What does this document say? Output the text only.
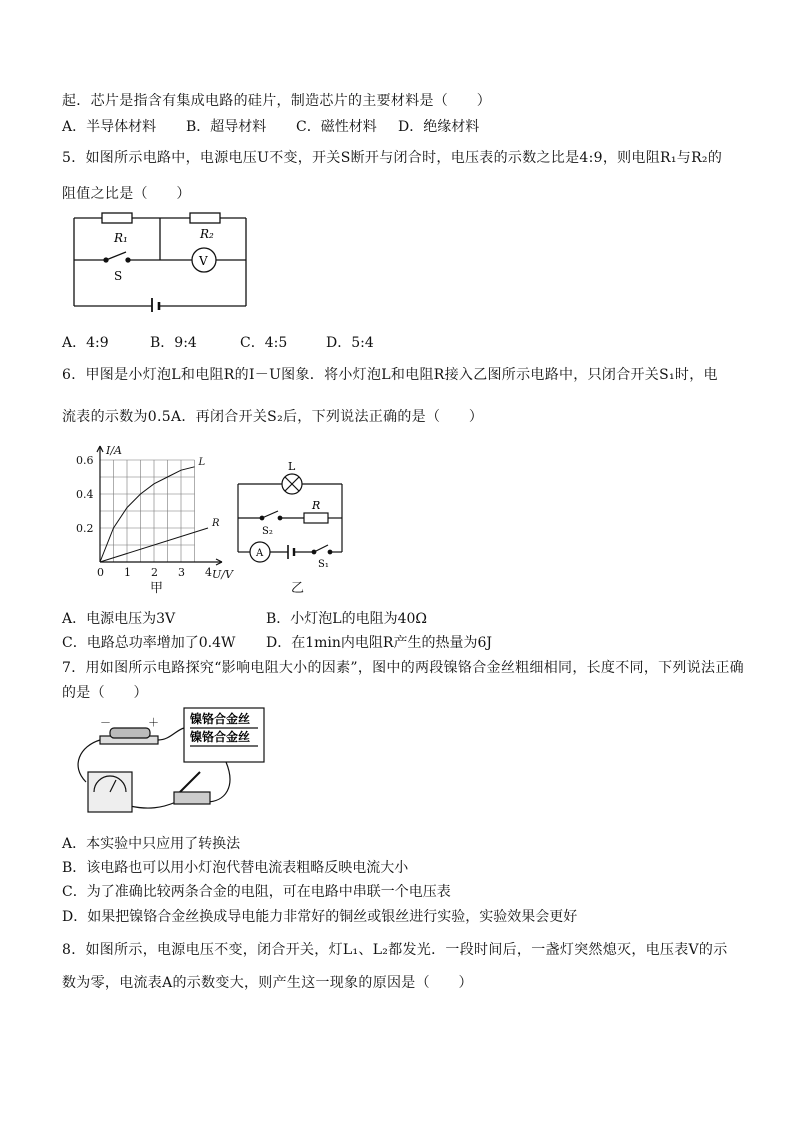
起．芯片是指含有集成电路的硅片，制造芯片的主要材料是（　　）
A．半导体材料 B．超导材料 C．磁性材料 D．绝缘材料
5．如图所示电路中，电源电压U不变，开关S断开与闭合时，电压表的示数之比是4:9，则电阻R₁与R₂的
阻值之比是（　　）
R₁	R₂
S
V
A．4:9	B．9:4	C．4:5	D．5:4
6．甲图是小灯泡L和电阻R的I－U图象．将小灯泡L和电阻R接入乙图所示电路中，只闭合开关S₁时，电
流表的示数为0.5A．再闭合开关S₂后，下列说法正确的是（　　）
L
R
0 1 2 3 4
0.2
0.4
0.6
U/V
I/A
甲
L
R
S₂
S₁
A
乙
A．电源电压为3V	B．小灯泡L的电阻为40Ω
C．电路总功率增加了0.4W D．在1min内电阻R产生的热量为6J
7．用如图所示电路探究“影响电阻大小的因素”，图中的两段镍铬合金丝粗细相同，长度不同，下列说法正确
的是（　　）
－	＋	镍铬合金丝
镍铬合金丝
A．本实验中只应用了转换法
B．该电路也可以用小灯泡代替电流表粗略反映电流大小
C．为了准确比较两条合金的电阻，可在电路中串联一个电压表
D．如果把镍铬合金丝换成导电能力非常好的铜丝或银丝进行实验，实验效果会更好
8．如图所示，电源电压不变，闭合开关，灯L₁、L₂都发光．一段时间后，一盏灯突然熄灭，电压表V的示
数为零，电流表A的示数变大，则产生这一现象的原因是（　　）
